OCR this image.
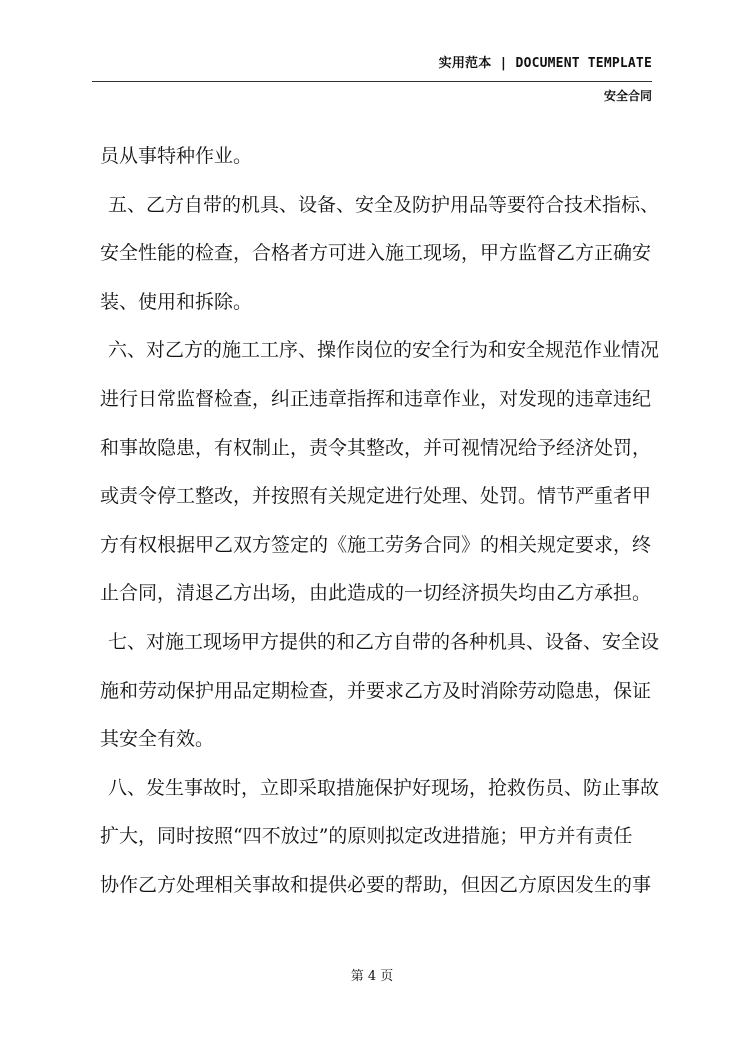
实用范本 | DOCUMENT TEMPLATE
安全合同
员从事特种作业。
五、乙方自带的机具、设备、安全及防护用品等要符合技术指标、
安全性能的检查，合格者方可进入施工现场，甲方监督乙方正确安
装、使用和拆除。
六、对乙方的施工工序、操作岗位的安全行为和安全规范作业情况
进行日常监督检查，纠正违章指挥和违章作业，对发现的违章违纪
和事故隐患，有权制止，责令其整改，并可视情况给予经济处罚，
或责令停工整改，并按照有关规定进行处理、处罚。情节严重者甲
方有权根据甲乙双方签定的《施工劳务合同》的相关规定要求，终
止合同，清退乙方出场，由此造成的一切经济损失均由乙方承担。
七、对施工现场甲方提供的和乙方自带的各种机具、设备、安全设
施和劳动保护用品定期检查，并要求乙方及时消除劳动隐患，保证
其安全有效。
八、发生事故时，立即采取措施保护好现场，抢救伤员、防止事故
扩大，同时按照“四不放过”的原则拟定改进措施；甲方并有责任
协作乙方处理相关事故和提供必要的帮助，但因乙方原因发生的事
第 4 页
